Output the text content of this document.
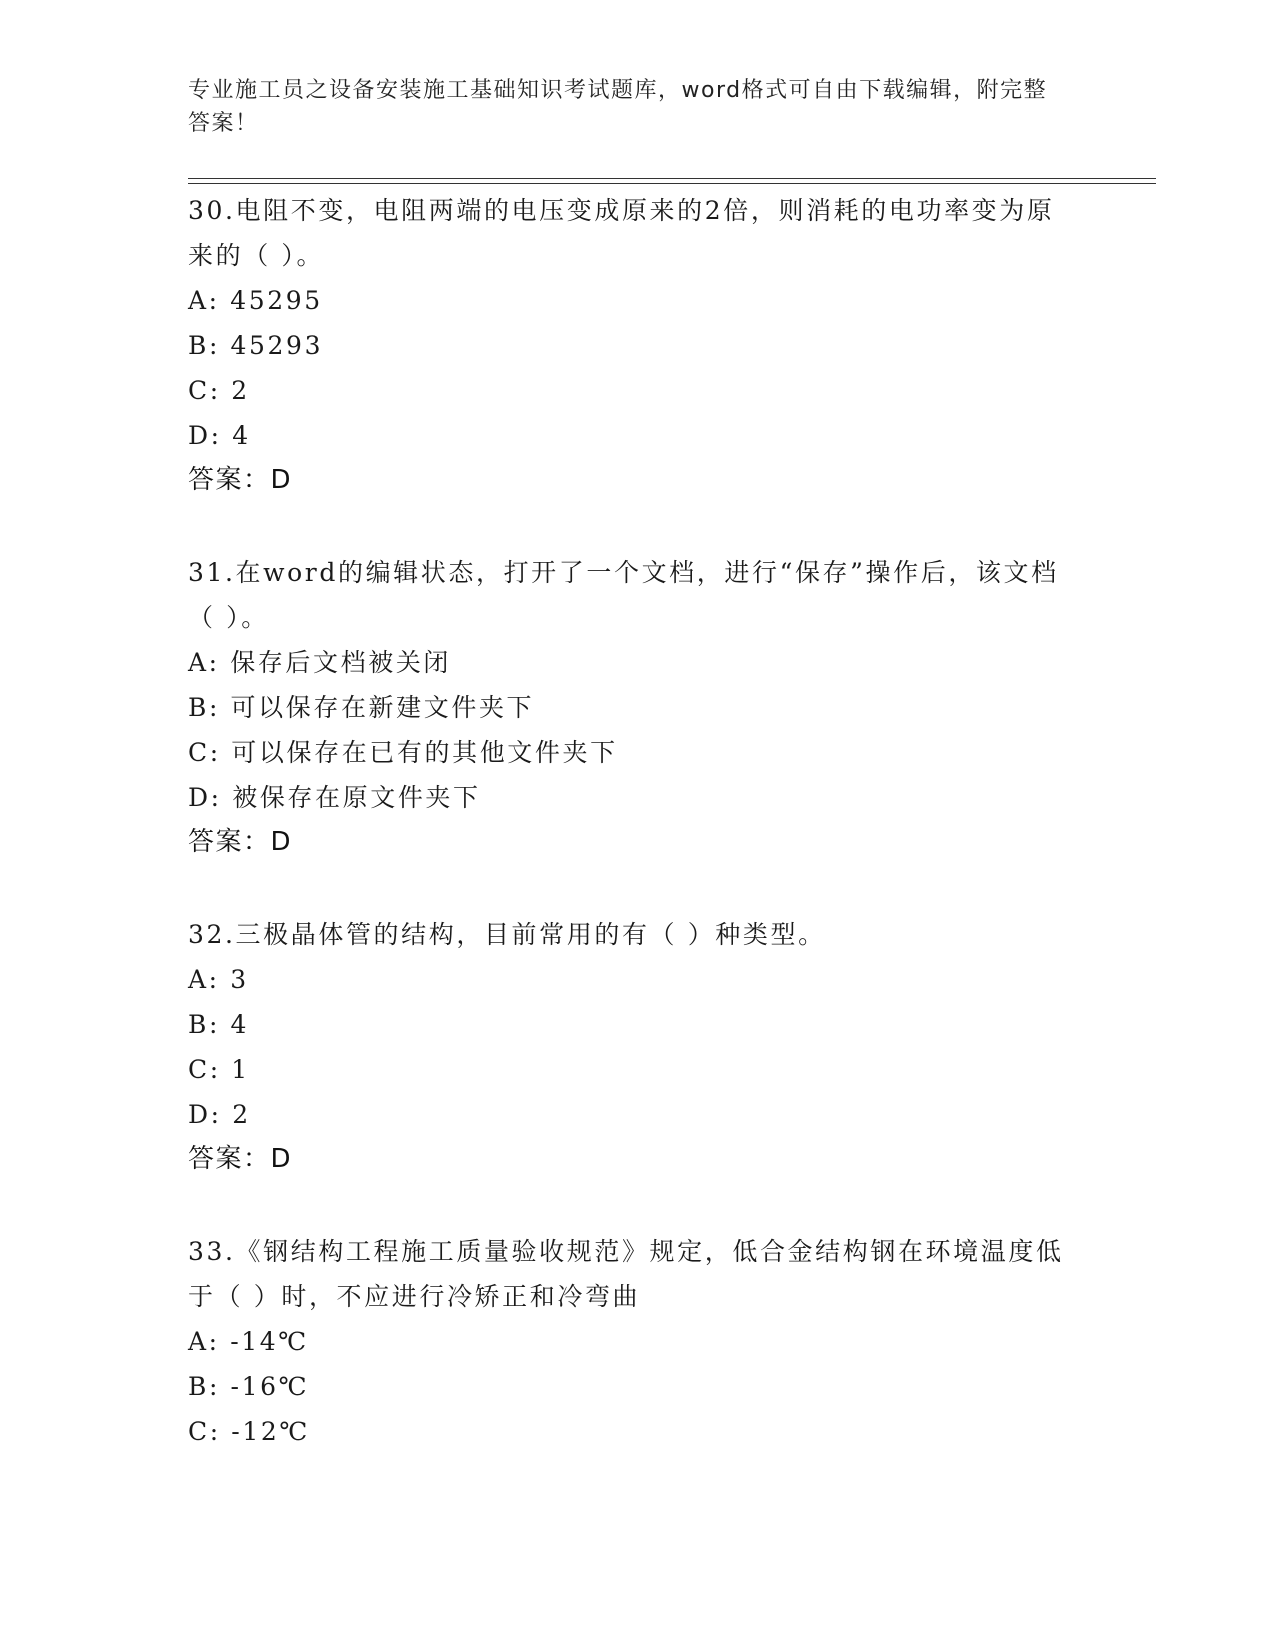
专业施工员之设备安装施工基础知识考试题库，word格式可自由下载编辑，附完整答案！
30.电阻不变，电阻两端的电压变成原来的2倍，则消耗的电功率变为原来的（ ）。
A: 45295
B: 45293
C: 2
D: 4
答案：D
31.在word的编辑状态，打开了一个文档，进行“保存”操作后，该文档（ ）。
A: 保存后文档被关闭
B: 可以保存在新建文件夹下
C: 可以保存在已有的其他文件夹下
D: 被保存在原文件夹下
答案：D
32.三极晶体管的结构，目前常用的有（ ）种类型。
A: 3
B: 4
C: 1
D: 2
答案：D
33.《钢结构工程施工质量验收规范》规定，低合金结构钢在环境温度低于（ ）时，不应进行冷矫正和冷弯曲
A: -14℃
B: -16℃
C: -12℃
